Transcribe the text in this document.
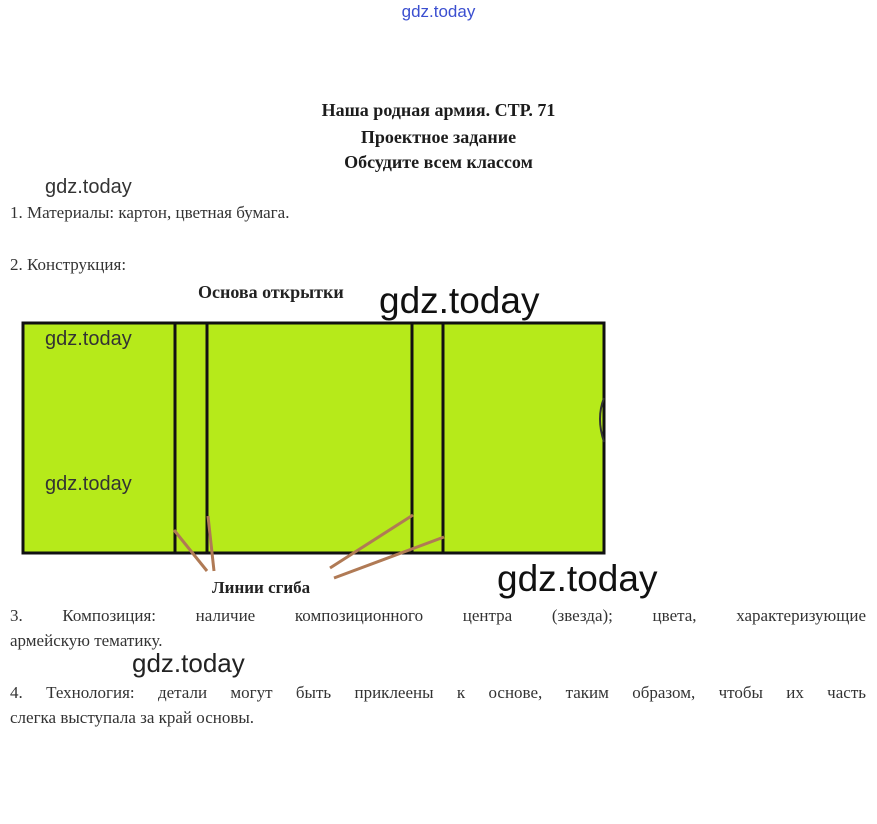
gdz.today
gdz.today
Наша родная армия. СТР. 71
Проектное задание
Обсудите всем классом
1. Материалы: картон, цветная бумага.
2. Конструкция:
Основа открытки
gdz.today
gdz.today
gdz.today
Линии сгиба	gdz.today
3. Композиция: наличие композиционного центра (звезда); цвета, характеризующие
армейскую тематику.
gdz.today
4. Технология: детали могут быть приклеены к основе, таким образом, чтобы их часть
слегка выступала за край основы.
